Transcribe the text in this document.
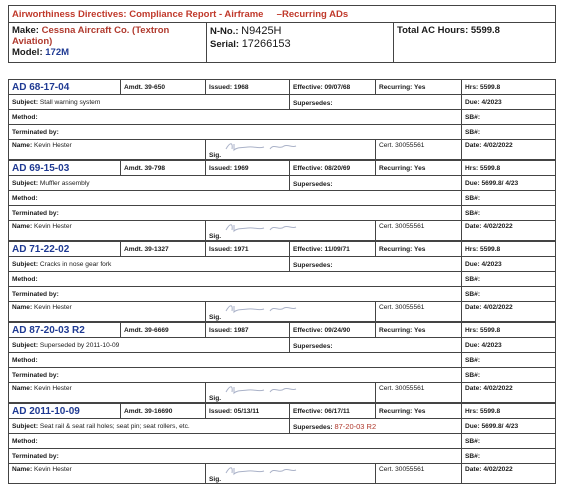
Airworthiness Directives: Compliance Report - Airframe –Recurring ADs
Make: Cessna Aircraft Co. (Textron Aviation)
Model: 172M	N-No.: N9425H
Serial: 17266153	Total AC Hours: 5599.8
AD 68-17-04	Amdt. 39-650	Issued: 1968	Effective: 09/07/68	Recurring: Yes	Hrs: 5599.8
Subject: Stall warning system			Supersedes:		Due: 4/2023
Method:					SB#:
Terminated by:					SB#:
Name: Kevin Hester		Sig.		Cert. 30055561	Date: 4/02/2022

AD 69-15-03	Amdt. 39-798	Issued: 1969	Effective: 08/20/69	Recurring: Yes	Hrs: 5599.8
Subject: Muffler assembly			Supersedes:		Due: 5699.8/ 4/23
Method:					SB#:
Terminated by:					SB#:
Name: Kevin Hester		Sig.		Cert. 30055561	Date: 4/02/2022

AD 71-22-02	Amdt. 39-1327	Issued: 1971	Effective: 11/09/71	Recurring: Yes	Hrs: 5599.8
Subject: Cracks in nose gear fork			Supersedes:		Due: 4/2023
Method:					SB#:
Terminated by:					SB#:
Name: Kevin Hester		Sig.		Cert. 30055561	Date: 4/02/2022

AD 87-20-03 R2	Amdt. 39-6669	Issued: 1987	Effective: 09/24/90	Recurring: Yes	Hrs: 5599.8
Subject: Superseded by 2011-10-09			Supersedes:		Due: 4/2023
Method:					SB#:
Terminated by:					SB#:
Name: Kevin Hester		Sig.		Cert. 30055561	Date: 4/02/2022

AD 2011-10-09	Amdt. 39-16690	Issued: 05/13/11	Effective: 06/17/11	Recurring: Yes	Hrs: 5599.8
Subject: Seat rail & seat rail holes; seat pin; seat rollers, etc.			Supersedes: 87-20-03 R2		Due: 5699.8/ 4/23
Method:					SB#:
Terminated by:					SB#:
Name: Kevin Hester		Sig.		Cert. 30055561	Date: 4/02/2022
